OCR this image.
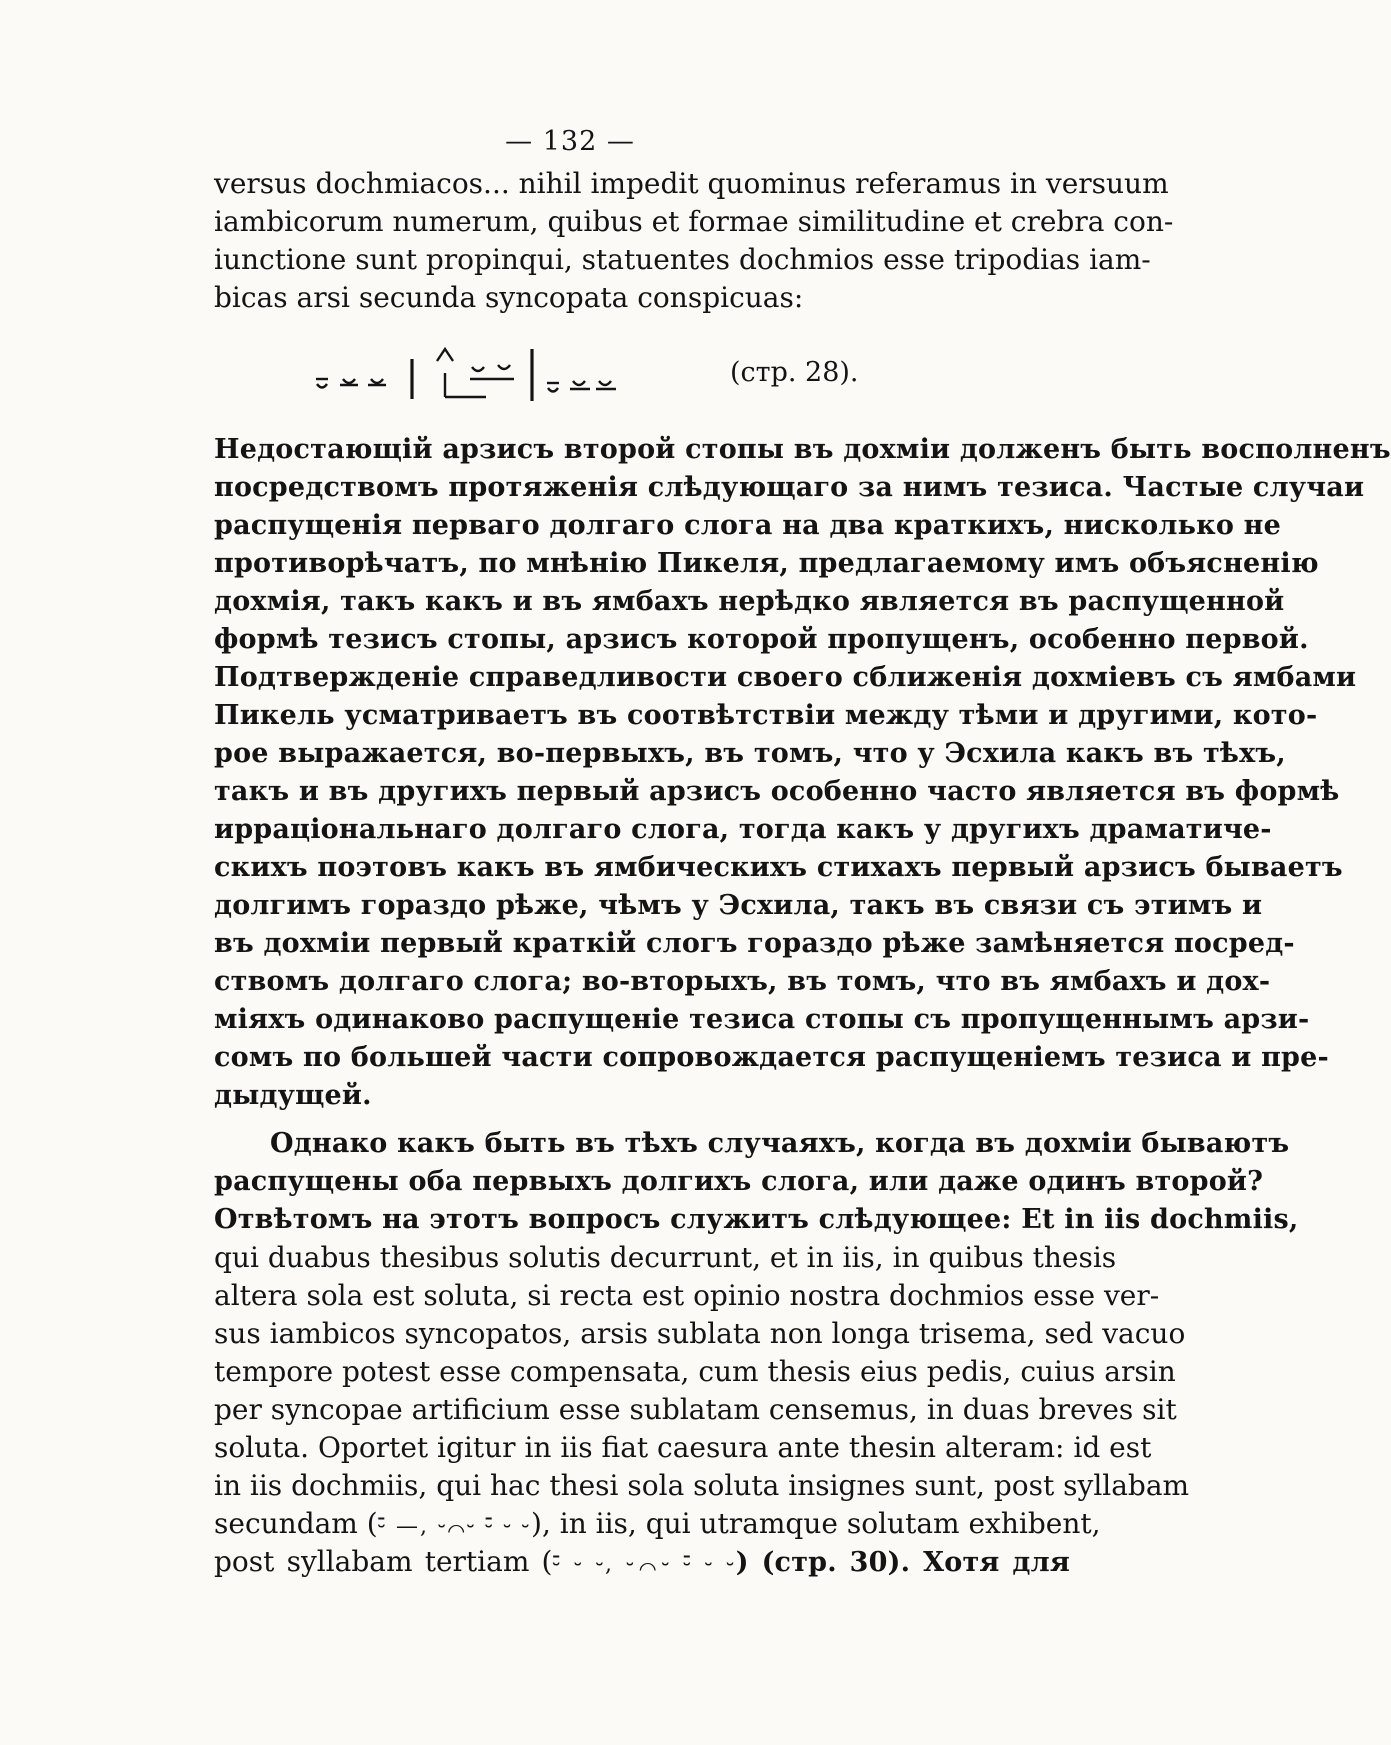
— 132 —
versus dochmiacos... nihil impedit quominus referamus in versuum
iambicorum numerum, quibus et formae similitudine et crebra con-
iunctione sunt propinqui, statuentes dochmios esse tripodias iam-
bicas arsi secunda syncopata conspicuas:
(стр. 28).
Недостающій арзисъ второй стопы въ дохміи долженъ быть восполненъ
посредствомъ протяженія слѣдующаго за нимъ тезиса. Частые случаи
распущенія перваго долгаго слога на два краткихъ, нисколько не
противорѣчатъ, по мнѣнію Пикеля, предлагаемому имъ объясненію
дохмія, такъ какъ и въ ямбахъ нерѣдко является въ распущенной
формѣ тезисъ стопы, арзисъ которой пропущенъ, особенно первой.
Подтвержденіе справедливости своего сближенія дохміевъ съ ямбами
Пикель усматриваетъ въ соотвѣтствіи между тѣми и другими, кото-
рое выражается, во-первыхъ, въ томъ, что у Эсхила какъ въ тѣхъ,
такъ и въ другихъ первый арзисъ особенно часто является въ формѣ
ирраціональнаго долгаго слога, тогда какъ у другихъ драматиче-
скихъ поэтовъ какъ въ ямбическихъ стихахъ первый арзисъ бываетъ
долгимъ гораздо рѣже, чѣмъ у Эсхила, такъ въ связи съ этимъ и
въ дохміи первый краткій слогъ гораздо рѣже замѣняется посред-
ствомъ долгаго слога; во-вторыхъ, въ томъ, что въ ямбахъ и дох-
міяхъ одинаково распущеніе тезиса стопы съ пропущеннымъ арзи-
сомъ по большей части сопровождается распущеніемъ тезиса и пре-
дыдущей.
Однако какъ быть въ тѣхъ случаяхъ, когда въ дохміи бываютъ
распущены оба первыхъ долгихъ слога, или даже одинъ второй?
Отвѣтомъ на этотъ вопросъ служитъ слѣдующее: Et in iis dochmiis,
qui duabus thesibus solutis decurrunt, et in iis, in quibus thesis
altera sola est soluta, si recta est opinio nostra dochmios esse ver-
sus iambicos syncopatos, arsis sublata non longa trisema, sed vacuo
tempore potest esse compensata, cum thesis eius pedis, cuius arsin
per syncopae artificium esse sublatam censemus, in duas breves sit
soluta. Oportet igitur in iis fiat caesura ante thesin alteram: id est
in iis dochmiis, qui hac thesi sola soluta insignes sunt, post syllabam
secundam (⏑̄ —, ⏑⌒⏑ ⏑̄ ⏑ ⏑), in iis, qui utramque solutam exhibent,
post syllabam tertiam (⏑̄ ⏑ ⏑, ⏑⌒⏑ ⏑̄ ⏑ ⏑) (стр. 30). Хотя для
